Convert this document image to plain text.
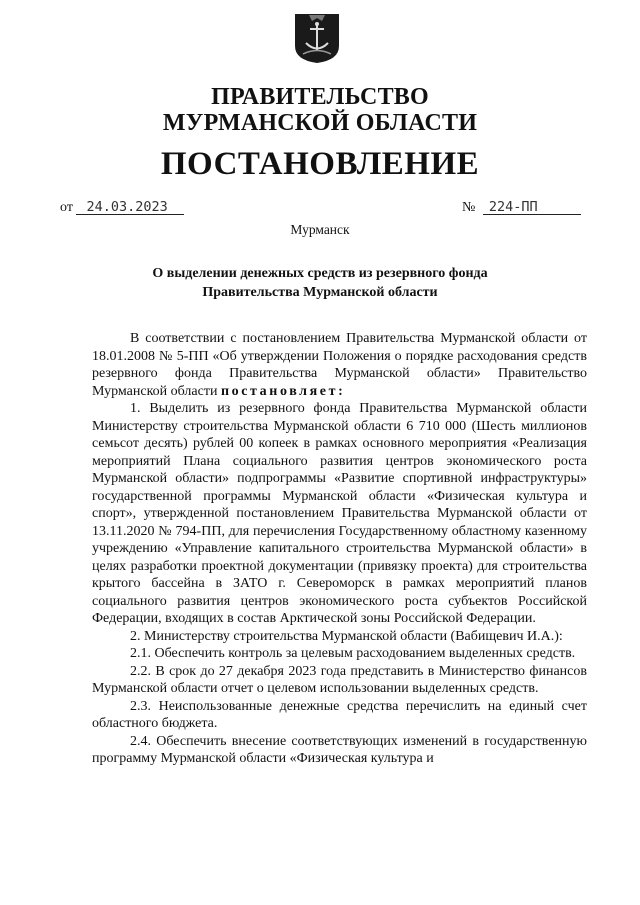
ПРАВИТЕЛЬСТВО
МУРМАНСКОЙ ОБЛАСТИ
ПОСТАНОВЛЕНИЕ
от 24.03.2023	№ 224-ПП
Мурманск
О выделении денежных средств из резервного фонда
Правительства Мурманской области

В соответствии с постановлением Правительства Мурманской области от 18.01.2008 № 5-ПП «Об утверждении Положения о порядке расходования средств резервного фонда Правительства Мурманской области» Правительство Мурманской области постановляет:

1. Выделить из резервного фонда Правительства Мурманской области Министерству строительства Мурманской области 6 710 000 (Шесть миллионов семьсот десять) рублей 00 копеек в рамках основного мероприятия «Реализация мероприятий Плана социального развития центров экономического роста Мурманской области» подпрограммы «Развитие спортивной инфраструктуры» государственной программы Мурманской области «Физическая культура и спорт», утвержденной постановлением Правительства Мурманской области от 13.11.2020 № 794-ПП, для перечисления Государственному областному казенному учреждению «Управление капитального строительства Мурманской области» в целях разработки проектной документации (привязку проекта) для строительства крытого бассейна в ЗАТО г. Североморск в рамках мероприятий планов социального развития центров экономического роста субъектов Российской Федерации, входящих в состав Арктической зоны Российской Федерации.

2. Министерству строительства Мурманской области (Вабищевич И.А.):

2.1. Обеспечить контроль за целевым расходованием выделенных средств.

2.2. В срок до 27 декабря 2023 года представить в Министерство финансов Мурманской области отчет о целевом использовании выделенных средств.

2.3. Неиспользованные денежные средства перечислить на единый счет областного бюджета.

2.4. Обеспечить внесение соответствующих изменений в государственную программу Мурманской области «Физическая культура и
